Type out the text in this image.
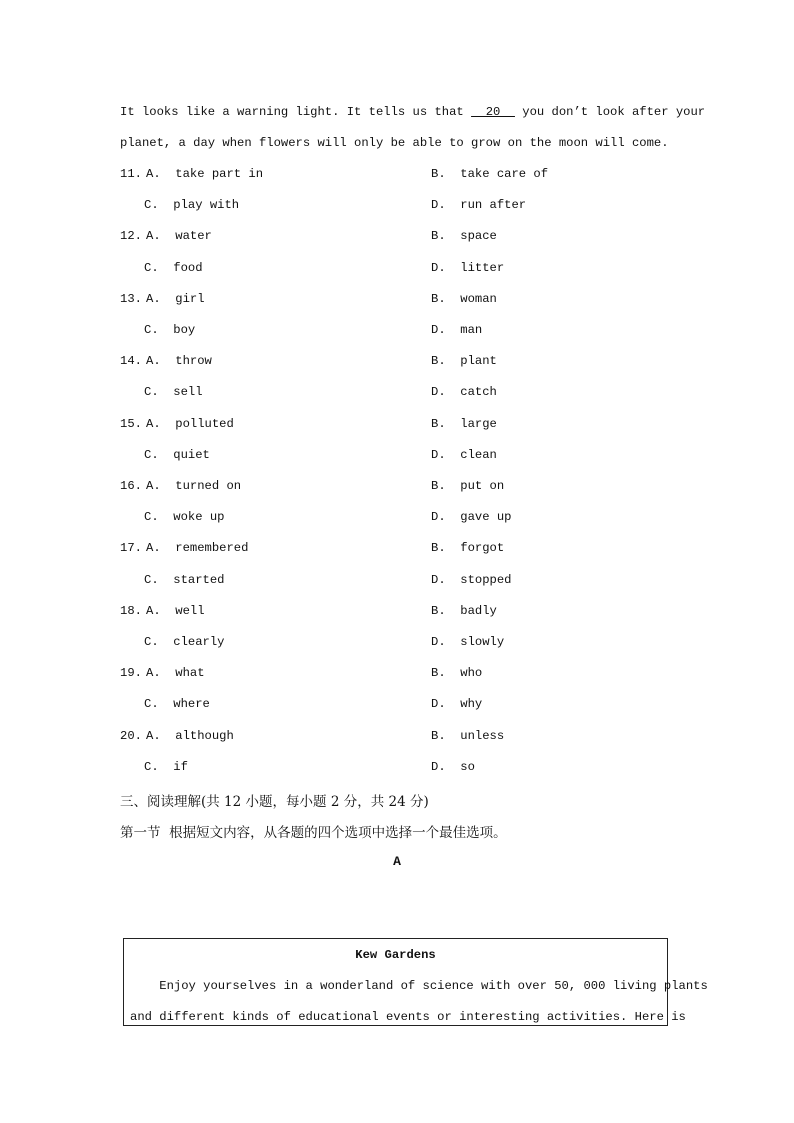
It looks like a warning light. It tells us that   20   you don’t look after your
planet, a day when flowers will only be able to grow on the moon will come.
11. A.  take part in	B.  take care of
C.  play with	D.  run after
12. A.  water	B.  space
C.  food	D.  litter
13. A.  girl	B.  woman
C.  boy	D.  man
14. A.  throw	B.  plant
C.  sell	D.  catch
15. A.  polluted	B.  large
C.  quiet	D.  clean
16. A.  turned on	B.  put on
C.  woke up	D.  gave up
17. A.  remembered	B.  forgot
C.  started	D.  stopped
18. A.  well	B.  badly
C.  clearly	D.  slowly
19. A.  what	B.  who
C.  where	D.  why
20. A.  although	B.  unless
C.  if	D.  so
三、阅读理解(共 12 小题，每小题 2 分，共 24 分)
第一节  根据短文内容，从各题的四个选项中选择一个最佳选项。
A
Kew Gardens
Enjoy yourselves in a wonderland of science with over 50, 000 living plants
and different kinds of educational events or interesting activities. Here is
